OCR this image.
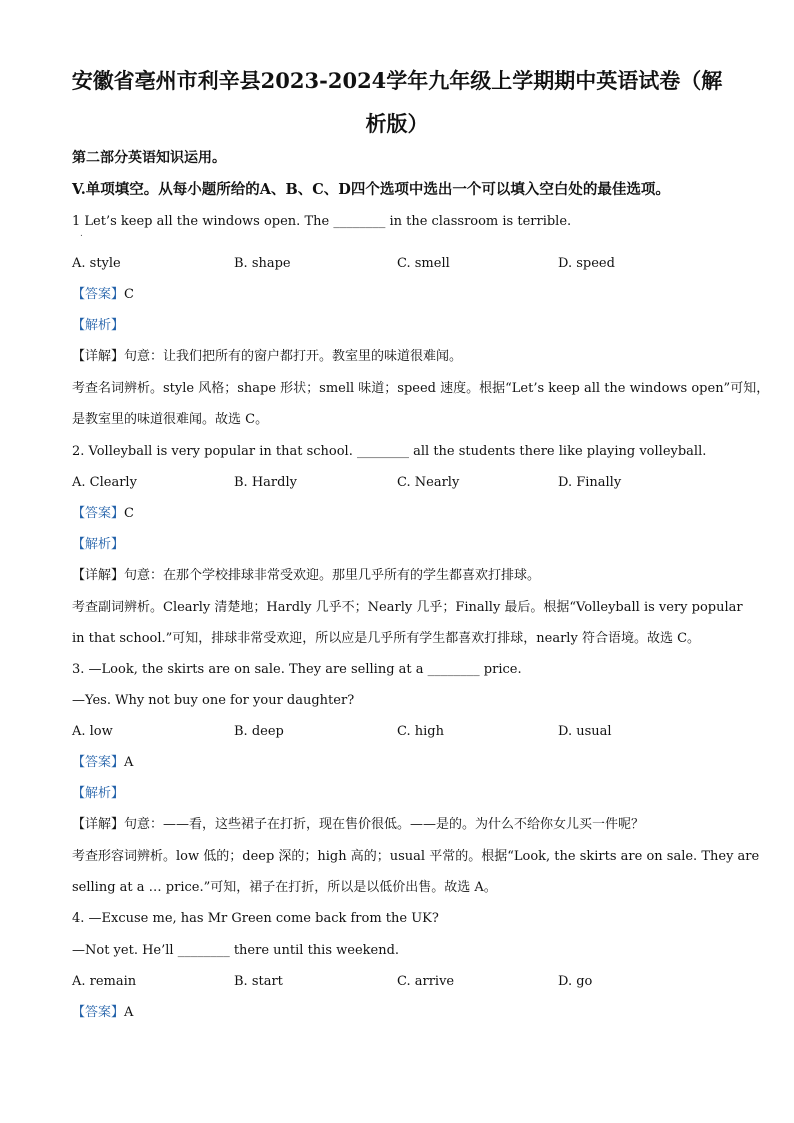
安徽省亳州市利辛县2023-2024学年九年级上学期期中英语试卷（解
析版）
第二部分英语知识运用。
V.单项填空。从每小题所给的A、B、C、D四个选项中选出一个可以填入空白处的最佳选项。
1 Let’s keep all the windows open. The ________ in the classroom is terrible.
.
A. style	B. shape	C. smell	D. speed
【答案】C
【解析】
【详解】句意：让我们把所有的窗户都打开。教室里的味道很难闻。
考查名词辨析。style 风格；shape 形状；smell 味道；speed 速度。根据“Let’s keep all the windows open”可知，
是教室里的味道很难闻。故选 C。
2. Volleyball is very popular in that school. ________ all the students there like playing volleyball.
A. Clearly	B. Hardly	C. Nearly	D. Finally
【答案】C
【解析】
【详解】句意：在那个学校排球非常受欢迎。那里几乎所有的学生都喜欢打排球。
考查副词辨析。Clearly 清楚地；Hardly 几乎不；Nearly 几乎；Finally 最后。根据“Volleyball is very popular
in that school.”可知，排球非常受欢迎，所以应是几乎所有学生都喜欢打排球，nearly 符合语境。故选 C。
3. —Look, the skirts are on sale. They are selling at a ________ price.
—Yes. Why not buy one for your daughter?
A. low	B. deep	C. high	D. usual
【答案】A
【解析】
【详解】句意：——看，这些裙子在打折，现在售价很低。——是的。为什么不给你女儿买一件呢？
考查形容词辨析。low 低的；deep 深的；high 高的；usual 平常的。根据“Look, the skirts are on sale. They are
selling at a … price.”可知，裙子在打折，所以是以低价出售。故选 A。
4. —Excuse me, has Mr Green come back from the UK?
—Not yet. He’ll ________ there until this weekend.
A. remain	B. start	C. arrive	D. go
【答案】A
